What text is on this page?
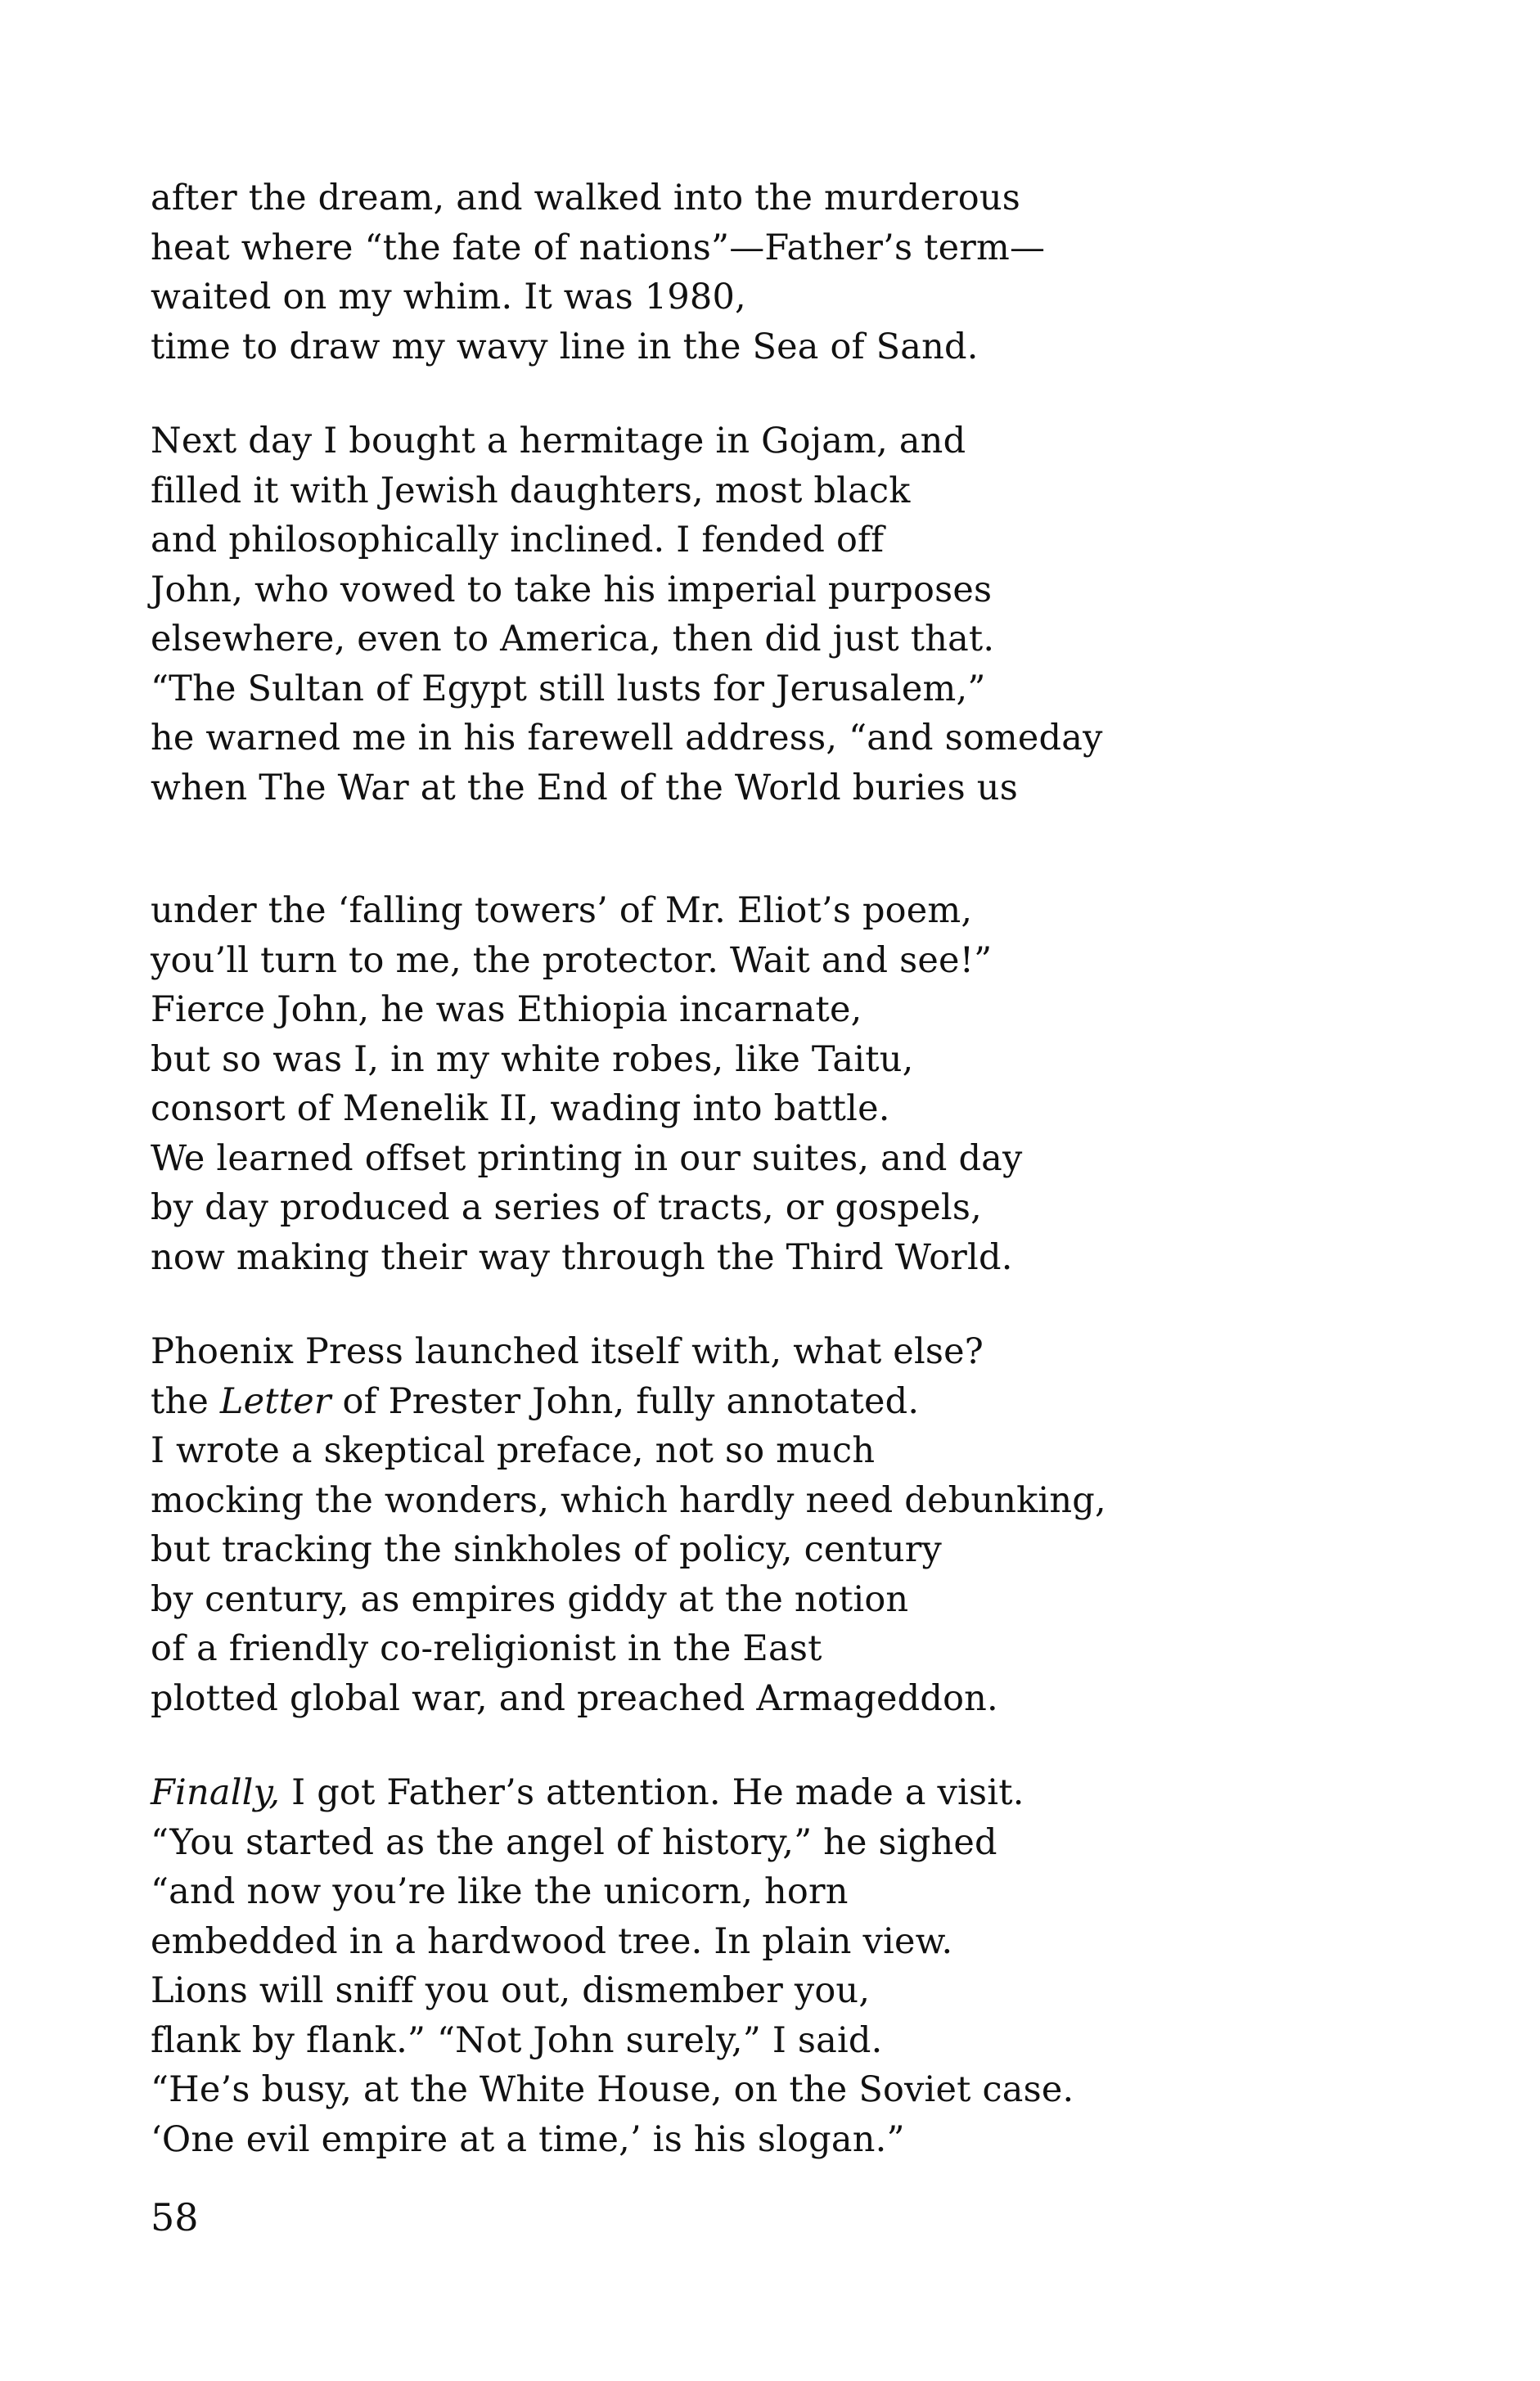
after the dream, and walked into the murderous
heat where “the fate of nations”—Father’s term—
waited on my whim. It was 1980,
time to draw my wavy line in the Sea of Sand.
Next day I bought a hermitage in Gojam, and
filled it with Jewish daughters, most black
and philosophically inclined. I fended off
John, who vowed to take his imperial purposes
elsewhere, even to America, then did just that.
“The Sultan of Egypt still lusts for Jerusalem,”
he warned me in his farewell address, “and someday
when The War at the End of the World buries us
under the ‘falling towers’ of Mr. Eliot’s poem,
you’ll turn to me, the protector. Wait and see!”
Fierce John, he was Ethiopia incarnate,
but so was I, in my white robes, like Taitu,
consort of Menelik II, wading into battle.
We learned offset printing in our suites, and day
by day produced a series of tracts, or gospels,
now making their way through the Third World.
Phoenix Press launched itself with, what else?
the Letter of Prester John, fully annotated.
I wrote a skeptical preface, not so much
mocking the wonders, which hardly need debunking,
but tracking the sinkholes of policy, century
by century, as empires giddy at the notion
of a friendly co-religionist in the East
plotted global war, and preached Armageddon.
Finally, I got Father’s attention. He made a visit.
“You started as the angel of history,” he sighed
“and now you’re like the unicorn, horn
embedded in a hardwood tree. In plain view.
Lions will sniff you out, dismember you,
flank by flank.” “Not John surely,” I said.
“He’s busy, at the White House, on the Soviet case.
‘One evil empire at a time,’ is his slogan.”
58
